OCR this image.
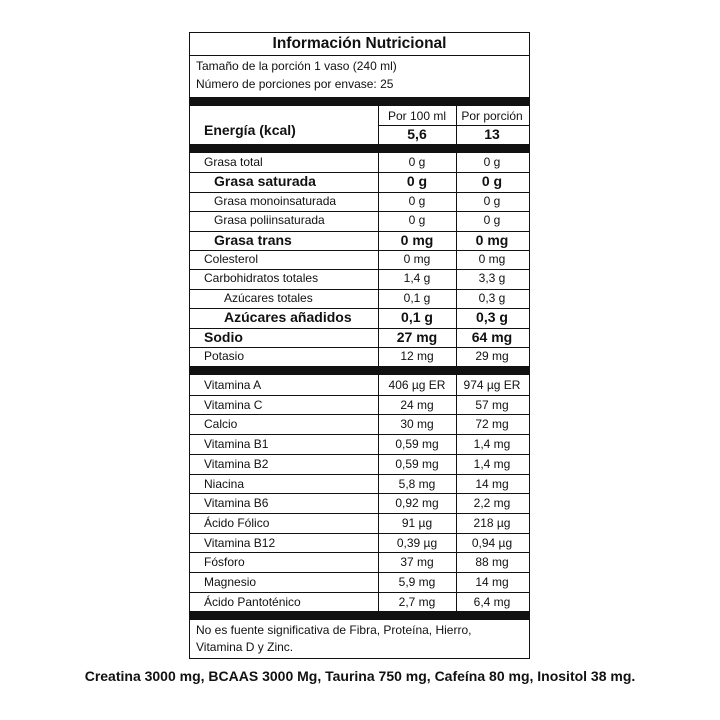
Información Nutricional
Tamaño de la porción 1 vaso (240 ml)
Número de porciones por envase: 25
Por 100 ml	Por porción
Energía (kcal)	5,6	13
Grasa total	0 g	0 g
Grasa saturada	0 g	0 g
Grasa monoinsaturada	0 g	0 g
Grasa poliinsaturada	0 g	0 g
Grasa trans	0 mg	0 mg
Colesterol	0 mg	0 mg
Carbohidratos totales	1,4 g	3,3 g
Azúcares totales	0,1 g	0,3 g
Azúcares añadidos	0,1 g	0,3 g
Sodio	27 mg	64 mg
Potasio	12 mg	29 mg
Vitamina A	406 µg ER	974 µg ER
Vitamina C	24 mg	57 mg
Calcio	30 mg	72 mg
Vitamina B1	0,59 mg	1,4 mg
Vitamina B2	0,59 mg	1,4 mg
Niacina	5,8 mg	14 mg
Vitamina B6	0,92 mg	2,2 mg
Ácido Fólico	91 µg	218 µg
Vitamina B12	0,39 µg	0,94 µg
Fósforo	37 mg	88 mg
Magnesio	5,9 mg	14 mg
Ácido Pantoténico	2,7 mg	6,4 mg
No es fuente significativa de Fibra, Proteína, Hierro, Vitamina D y Zinc.
Creatina 3000 mg, BCAAS 3000 Mg, Taurina 750 mg, Cafeína 80 mg, Inositol 38 mg.
